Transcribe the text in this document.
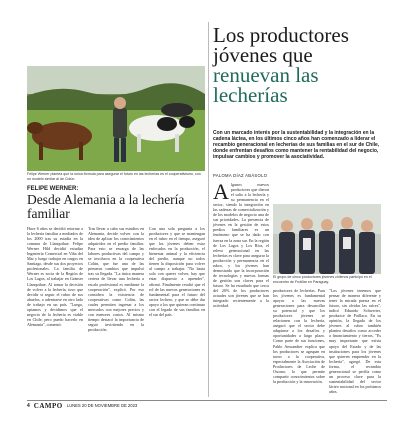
Felipe Werner plantea que la única fórmula para asegurar el futuro en las lecherías es el cooperativismo, con un modelo similar al de Colún.
FELIPE WERNER:
Desde Alemania a la lechería familiar

Hace 6 años se decidió retornar a la lechería familiar a mediados de los 2000 tras su estadía en la comuna de Llanquihue. Felipe Werner Hild decidió estudiar Ingeniería Comercial en Viña del Mar y luego trabajar en cargos en Santiago, desde sus dos proyectos profesionales. La familia de Werner es socia de la Región de Los Lagos, al trabajar en Gränser Llanquihue. Al tomar la decisión de volver a la lechería, tuvo que decidir si seguir el rubro de sus abuelos, o adentrarse en otro lado de trabajo en un país. "Luego, optamos y decidimos que el negocio de la lechería es viable en Chile, pero puedo hacerlo en Alemania", comentó.

Tras llevar a cabo sus estudios en Alemania, decide volver con la idea de aplicar los conocimientos adquiridos en el predio familiar. Para esto se encarga de las labores productivas del campo y se involucra en la cooperativa Colún, que fue una de las primeras cambios que impulsó tras su llegada. "La única manera certera de llevar una lechería a escala profesional es mediante la cooperación", explicó. Por eso considera la existencia de cooperativas como Colún, las cuales permiten ingresar a los mercados con mejores precios y con menores costos. Al mismo tiempo destacó la importancia de seguir invirtiendo en la producción.

Con una sola pregunta a los productores y que se mantengan en el rubro en el tiempo, aseguró que los jóvenes deben estar enfocados en la producción, el bienestar animal y la eficiencia del predio, aunque no todos tienen la disposición para volver al campo a trabajar. "No basta solo con querer volver, hay que estar dispuesto a aprender", afirmó. Finalmente resaltó que el rol de las nuevas generaciones es fundamental para el futuro del sector lechero, y que se debe dar apoyo a los que quieran continuar con el legado de sus familias en el sur del país.

Los productores
jóvenes que
renuevan las
lecherías

Con un marcado interés por la sustentabilidad y la integración en la cadena láctea, en los últimos cinco años han comenzado a liderar el recambio generacional en lecherías de sus familias en el sur de Chile, donde enfrentan desafíos como mantener la rentabilidad del negocio, impulsar cambios y promover la asociatividad.

PALOMA DÍAZ ABÁSOLO
A lgunos nuevos productores que dieron el salto a la lechería y su permanencia en el sector, siendo la integración en las cadenas de comercialización y de los modelos de negocio una de sus prioridades. La presencia de jóvenes en la gestión de estos predios familiares es un fenómeno que se ha dado con fuerza en la zona sur. En la región de Los Lagos y Los Ríos, el relevo generacional en las lecherías es clave para asegurar la producción y permanencia en el rubro, y los jóvenes han demostrado que la incorporación de tecnologías y nuevas formas de gestión son claves para el futuro. Se ha estudiado que cerca del 20% de los productores actuales son jóvenes que se han integrado recientemente a la actividad.

El grupo de cinco productores jóvenes chilenos participó en el encuentro de Frutillar en Paraguay.

productores de lecherías. Para los jóvenes es fundamental apoyar a las nuevas generaciones para desarrollar su potencial y que los productores jóvenes se relacionen con la lechería, aseguró que el sector debe adaptarse a los desafíos y oportunidades a largo plazo. Como parte de sus funciones, Pablo Anwandter explica que los productores se agrupan en torno a la cooperativa, especialmente la Asociación de Productores de Leche de Osorno, lo que permite compartir conocimientos sobre la producción y la innovación.

"Los jóvenes tenemos que pensar de manera diferente y tener la mirada puesta en el futuro, sin olvidar las raíces", indicó Eduardo Schwerter, productor de Paillaco. En su opinión, la llegada de los jóvenes al rubro también plantea desafíos como acceder a financiamiento y tierras. "Es muy importante que exista apoyo del Estado y de las instituciones para los jóvenes que quieren emprender en la lechería", agregó. De esta forma, el recambio generacional se perfila como un proceso clave para la sustentabilidad del sector lácteo nacional en los próximos años.

4 CAMPO LUNES 20 DE NOVIEMBRE DE 2023
